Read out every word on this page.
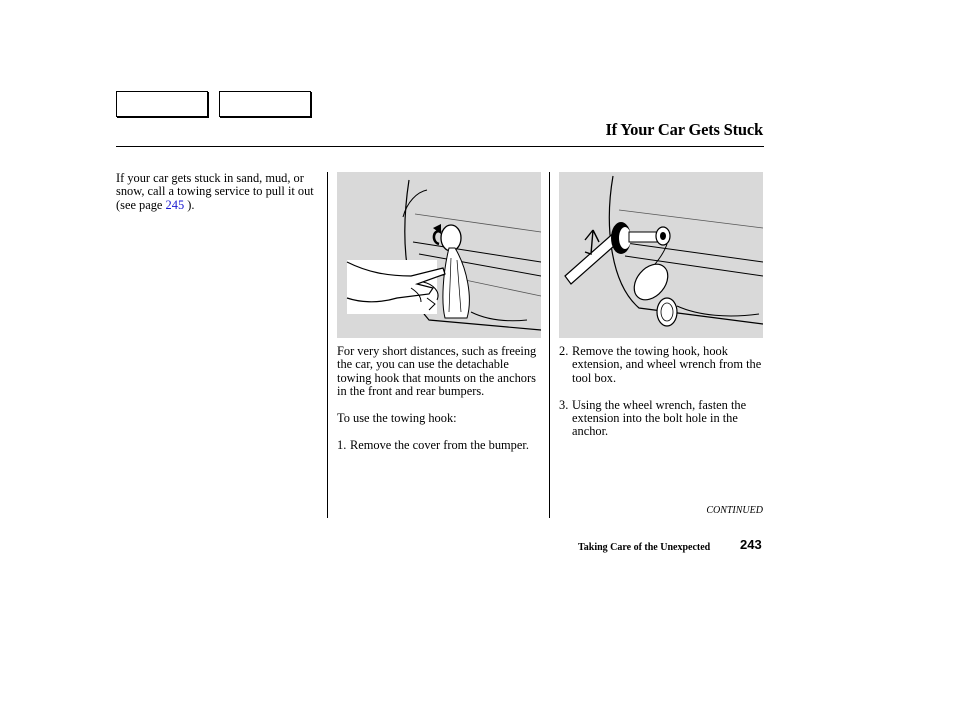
If Your Car Gets Stuck
If your car gets stuck in sand, mud, or snow, call a towing service to pull it out (see page 245 ).

For very short distances, such as freeing the car, you can use the detachable towing hook that mounts on the anchors in the front and rear bumpers.

To use the towing hook:

1. Remove the cover from the bumper.
2. Remove the towing hook, hook extension, and wheel wrench from the tool box.
3. Using the wheel wrench, fasten the extension into the bolt hole in the anchor.
CONTINUED
Taking Care of the Unexpected 243
